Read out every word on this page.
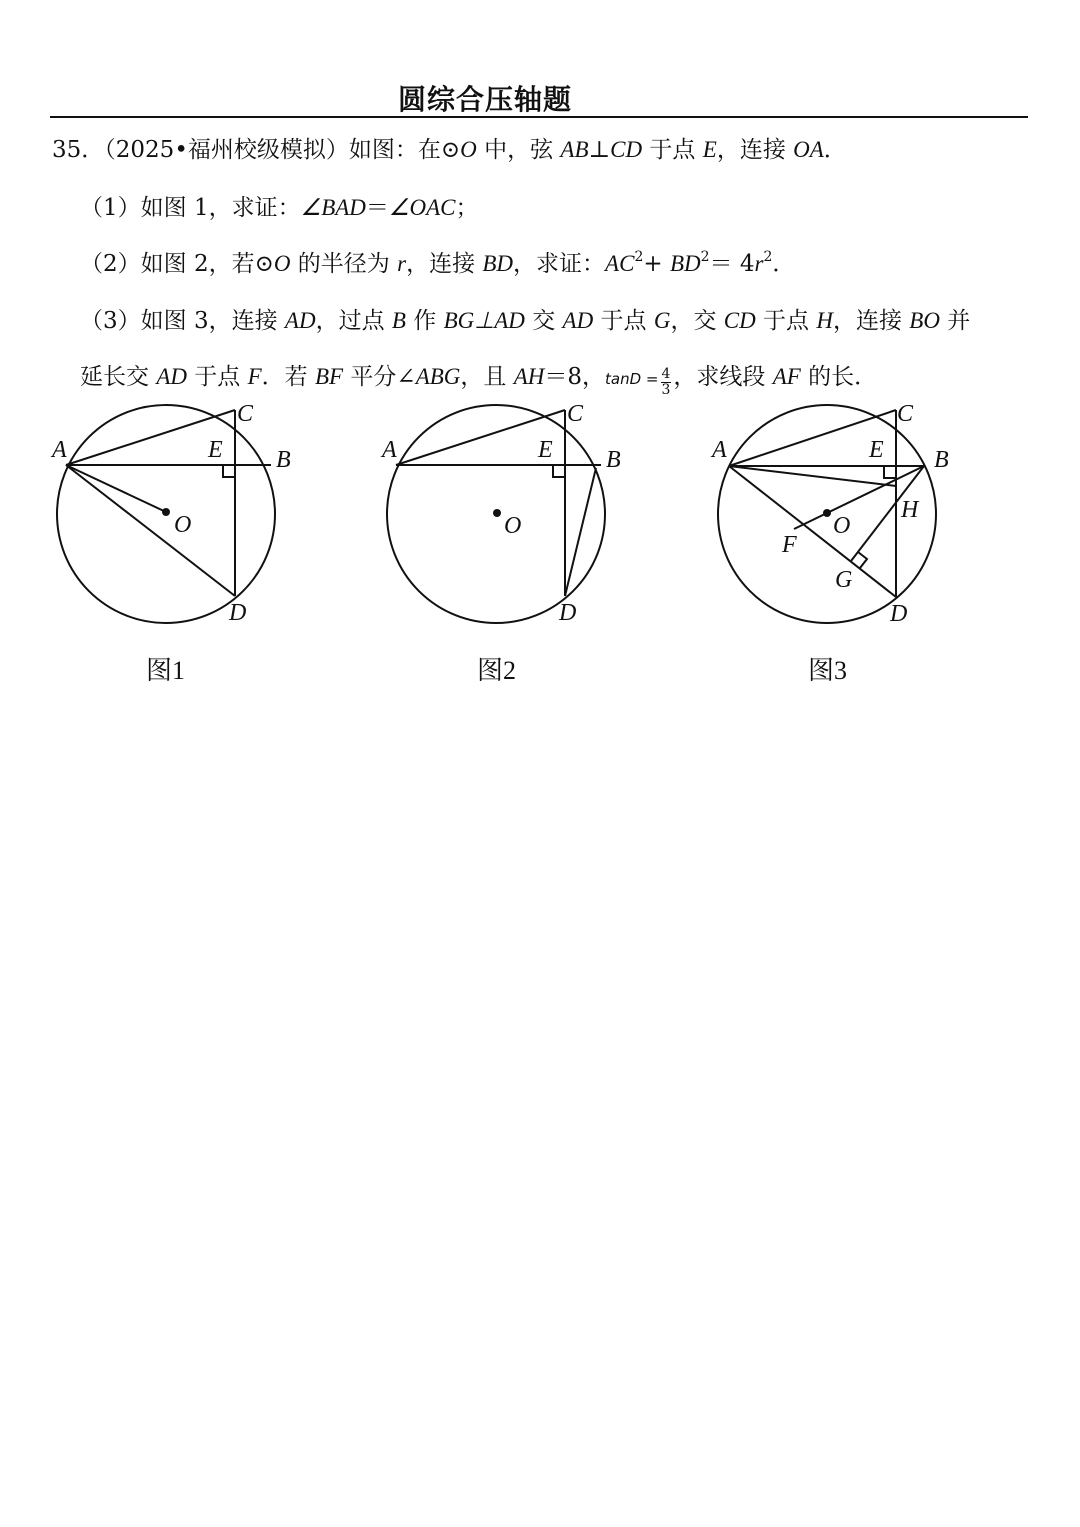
圆综合压轴题
35．（2025•福州校级模拟）如图：在⊙O 中，弦 AB⊥CD 于点 E，连接 OA．
（1）如图 1，求证：∠BAD＝∠OAC；
（2）如图 2，若⊙O 的半径为 r，连接 BD，求证：$AC^2+ BD^2= 4r^2$．
（3）如图 3，连接 AD，过点 B 作 BG⊥AD 交 AD 于点 G，交 CD 于点 H，连接 BO 并
延长交 AD 于点 F．若 BF 平分∠ABG，且 AH＝8，$\tan D = \frac{4}{3}$ ，求线段 AF 的长．
A
C
E B
O
D
图1
A
C
E B
O
D
图2
A
C
E B
H
O
F
G
D
图3
